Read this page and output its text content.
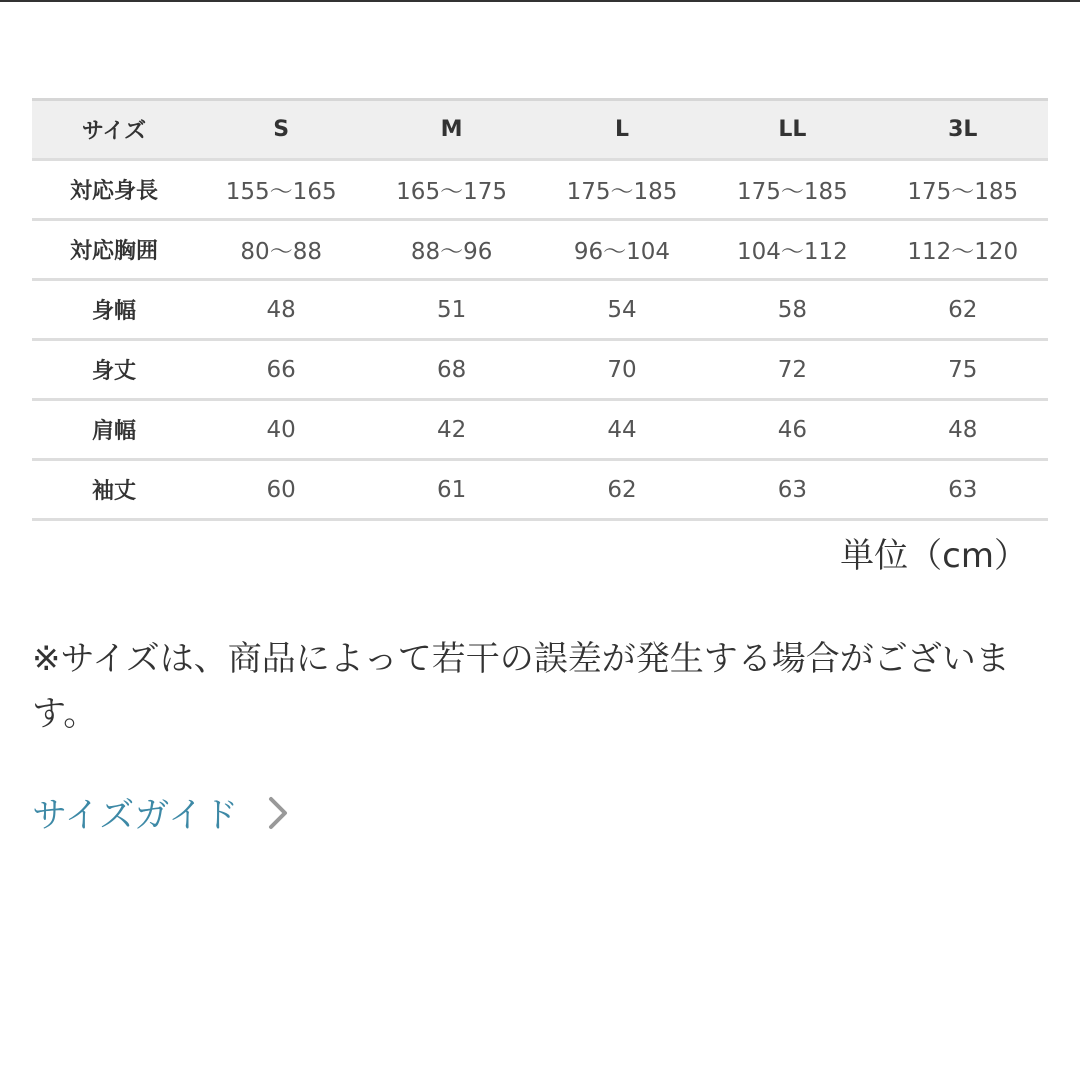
サイズ	S	M	L	LL	3L
対応身長	155〜165	165〜175	175〜185	175〜185	175〜185
対応胸囲	80〜88	88〜96	96〜104	104〜112	112〜120
身幅	48	51	54	58	62
身丈	66	68	70	72	75
肩幅	40	42	44	46	48
袖丈	60	61	62	63	63
単位（cm）
※サイズは、商品によって若干の誤差が発生する場合がございます。
サイズガイド
